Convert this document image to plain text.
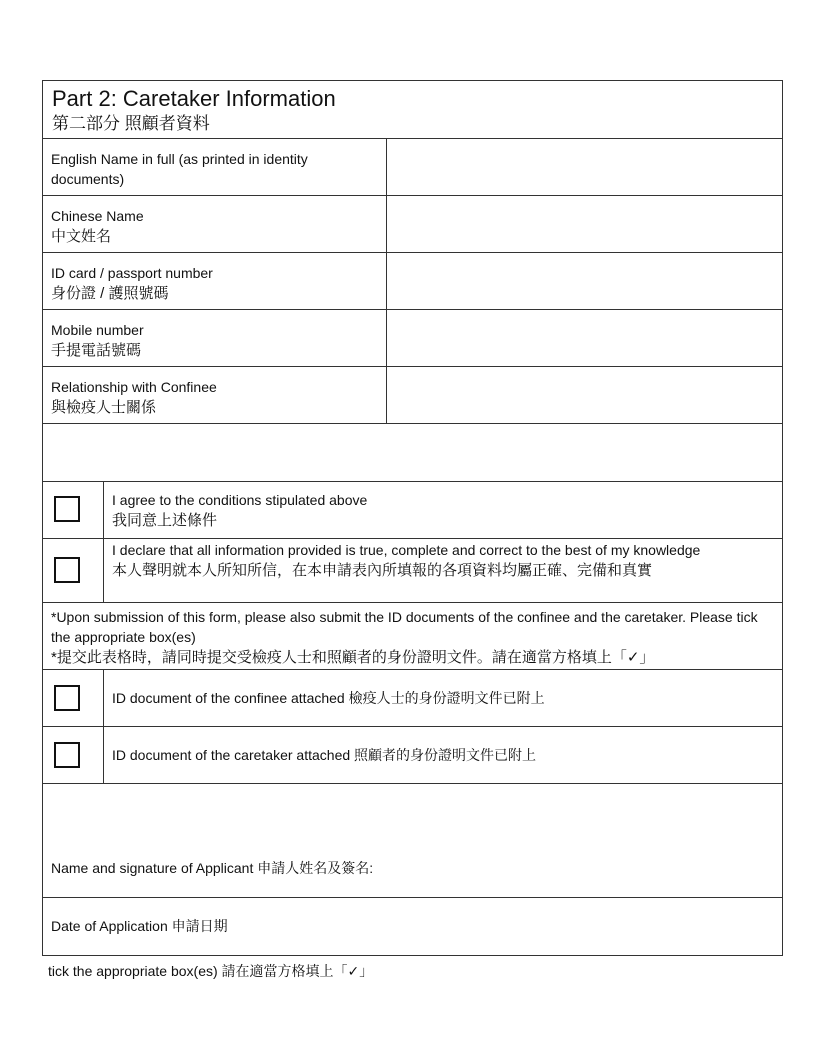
Part 2: Caretaker Information
第二部分 照顧者資料
English Name in full (as printed in identity documents)
Chinese Name
中文姓名
ID card / passport number
身份證 / 護照號碼
Mobile number
手提電話號碼
Relationship with Confinee
與檢疫人士關係
I agree to the conditions stipulated above
我同意上述條件
I declare that all information provided is true, complete and correct to the best of my knowledge
本人聲明就本人所知所信，在本申請表內所填報的各項資料均屬正確、完備和真實
*Upon submission of this form, please also submit the ID documents of the confinee and the caretaker. Please tick the appropriate box(es)
*提交此表格時，請同時提交受檢疫人士和照顧者的身份證明文件。請在適當方格填上「✓」
ID document of the confinee attached 檢疫人士的身份證明文件已附上
ID document of the caretaker attached 照顧者的身份證明文件已附上
Name and signature of Applicant 申請人姓名及簽名:
Date of Application 申請日期
tick the appropriate box(es) 請在適當方格填上「✓」
